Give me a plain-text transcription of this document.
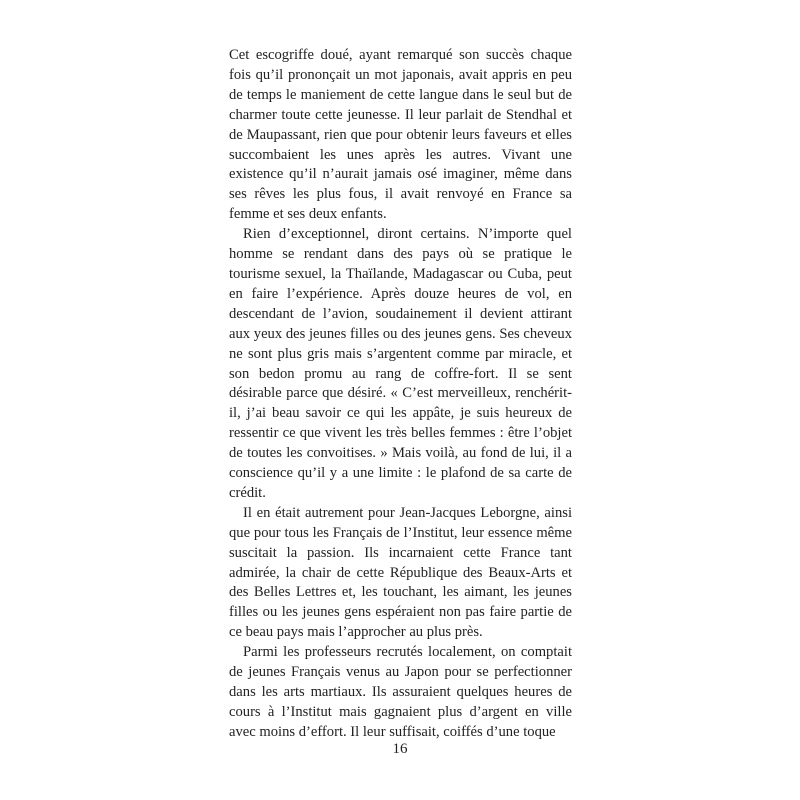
Cet escogriffe doué, ayant remarqué son succès chaque fois qu’il prononçait un mot japonais, avait appris en peu de temps le maniement de cette langue dans le seul but de charmer toute cette jeunesse. Il leur parlait de Stendhal et de Maupassant, rien que pour obtenir leurs faveurs et elles succombaient les unes après les autres. Vivant une existence qu’il n’aurait jamais osé imaginer, même dans ses rêves les plus fous, il avait renvoyé en France sa femme et ses deux enfants.

Rien d’exceptionnel, diront certains. N’importe quel homme se rendant dans des pays où se pratique le tourisme sexuel, la Thaïlande, Madagascar ou Cuba, peut en faire l’expérience. Après douze heures de vol, en descendant de l’avion, soudainement il devient attirant aux yeux des jeunes filles ou des jeunes gens. Ses cheveux ne sont plus gris mais s’argentent comme par miracle, et son bedon promu au rang de coffre-fort. Il se sent désirable parce que désiré. « C’est merveilleux, renchérit-il, j’ai beau savoir ce qui les appâte, je suis heureux de ressentir ce que vivent les très belles femmes : être l’objet de toutes les convoitises. » Mais voilà, au fond de lui, il a conscience qu’il y a une limite : le plafond de sa carte de crédit.

Il en était autrement pour Jean-Jacques Leborgne, ainsi que pour tous les Français de l’Institut, leur essence même suscitait la passion. Ils incarnaient cette France tant admirée, la chair de cette République des Beaux-Arts et des Belles Lettres et, les touchant, les aimant, les jeunes filles ou les jeunes gens espéraient non pas faire partie de ce beau pays mais l’approcher au plus près.

Parmi les professeurs recrutés localement, on comptait de jeunes Français venus au Japon pour se perfectionner dans les arts martiaux. Ils assuraient quelques heures de cours à l’Institut mais gagnaient plus d’argent en ville avec moins d’effort. Il leur suffisait, coiffés d’une toque

16
